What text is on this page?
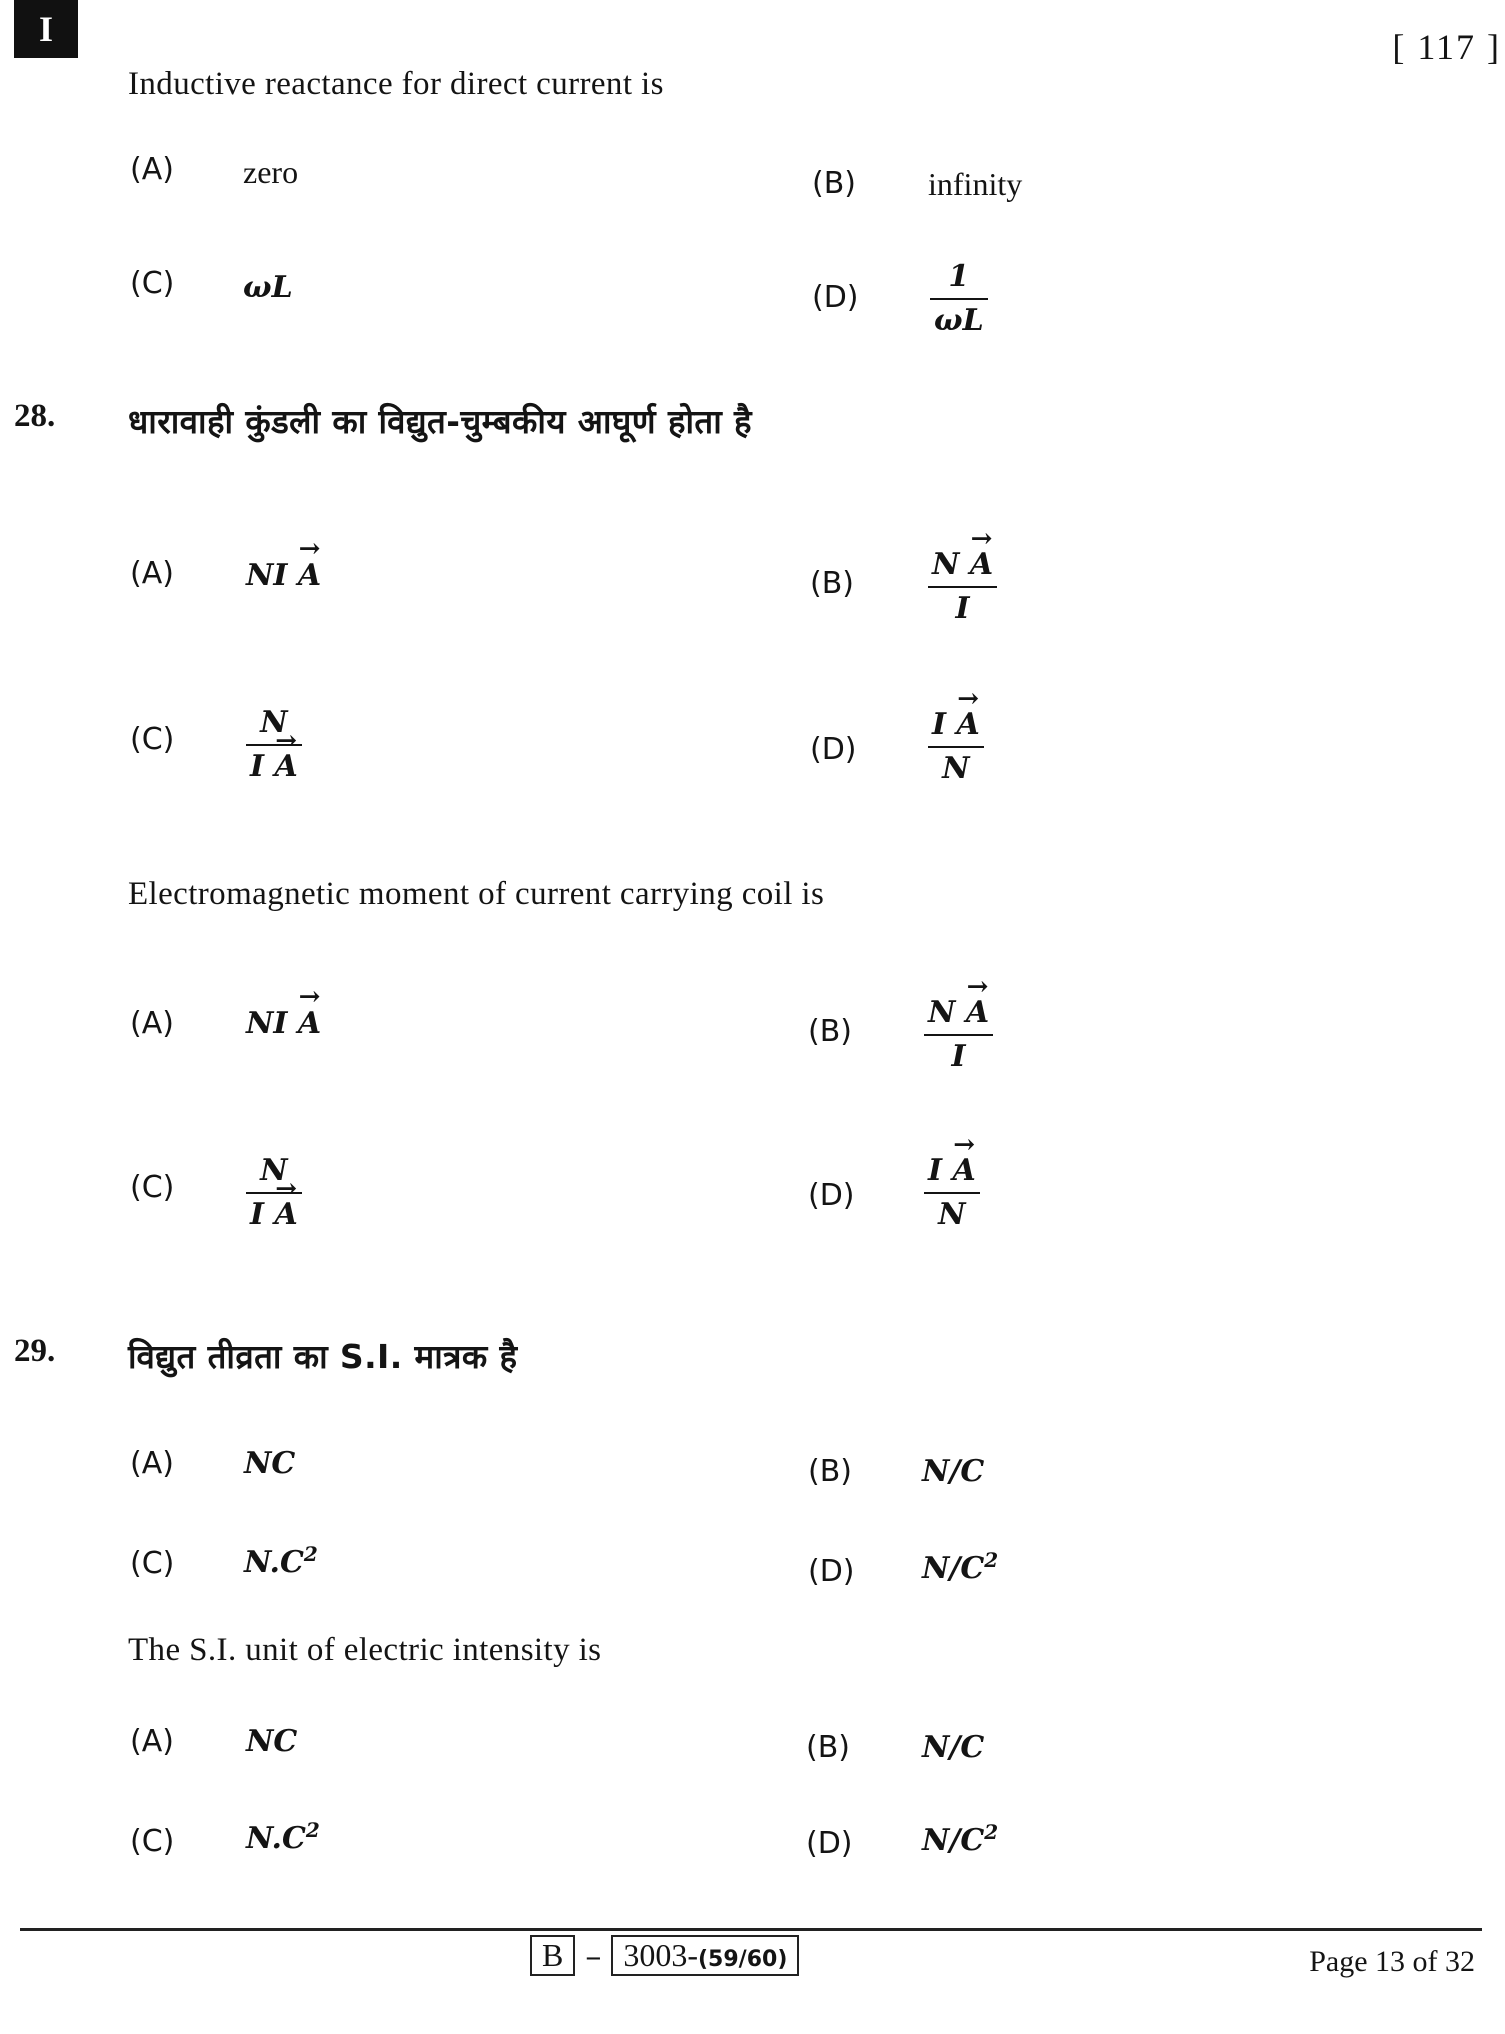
I	[ 117 ]
Inductive reactance for direct current is
(A) zero	(B) infinity
(C) ωL	(D)
1
ωL
28. धारावाही कुंडली का विद्युत-चुम्बकीय आघूर्ण होता है
(A) NI → A	(B)
N → A
I
(C)	N
I → A	(D)
I → A
N
Electromagnetic moment of current carrying coil is
(A) NI → A	(B)
N → A
I
(C)	N
I → A
(D)
I → A
N
29. विद्युत तीव्रता का S.I. मात्रक है
(A) NC	(B) N/C
(C) $N.C^2$	(D) $N/C^2$
The S.I. unit of electric intensity is
(A) NC	(B) N/C
(C) $N.C^2$	(D) $N/C^2$
B – 3003-(59/60)	Page 13 of 32
